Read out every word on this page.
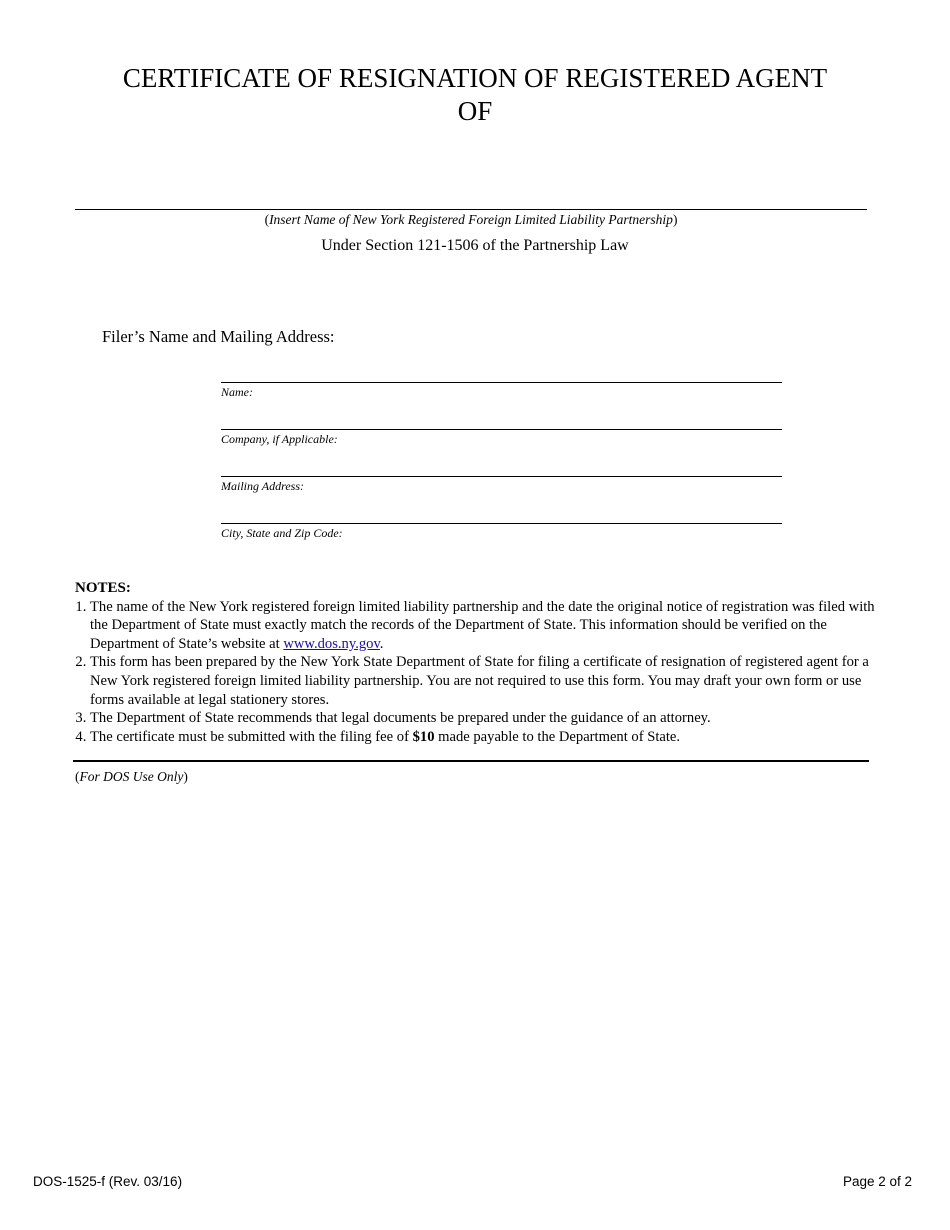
CERTIFICATE OF RESIGNATION OF REGISTERED AGENT
OF
(Insert Name of New York Registered Foreign Limited Liability Partnership)
Under Section 121-1506 of the Partnership Law
Filer’s Name and Mailing Address:
Name:
Company, if Applicable:
Mailing Address:
City, State and Zip Code:
NOTES:
1. The name of the New York registered foreign limited liability partnership and the date the original notice of registration was filed with the Department of State must exactly match the records of the Department of State. This information should be verified on the Department of State’s website at www.dos.ny.gov.
2. This form has been prepared by the New York State Department of State for filing a certificate of resignation of registered agent for a New York registered foreign limited liability partnership. You are not required to use this form. You may draft your own form or use forms available at legal stationery stores.
3. The Department of State recommends that legal documents be prepared under the guidance of an attorney.
4. The certificate must be submitted with the filing fee of $10 made payable to the Department of State.
(For DOS Use Only)
DOS-1525-f (Rev. 03/16)	Page 2 of 2
